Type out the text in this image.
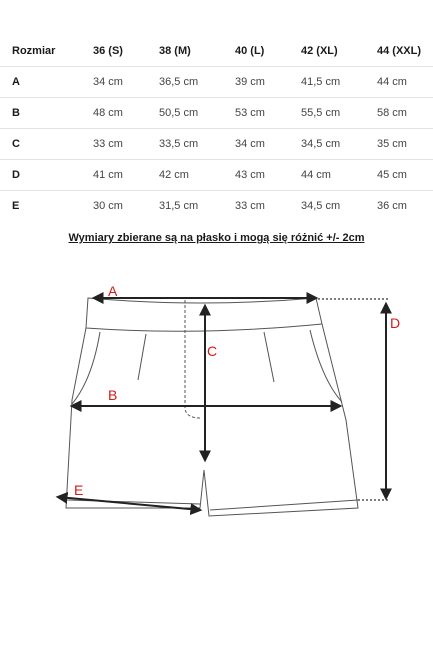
Rozmiar	36 (S)	38 (M)	40 (L)	42 (XL)	44 (XXL)
A	34 cm	36,5 cm	39 cm	41,5 cm	44 cm
B	48 cm	50,5 cm	53 cm	55,5 cm	58 cm
C	33 cm	33,5 cm	34 cm	34,5 cm	35 cm
D	41 cm	42 cm	43 cm	44 cm	45 cm
E	30 cm	31,5 cm	33 cm	34,5 cm	36 cm
Wymiary zbierane są na płasko i mogą się różnić +/- 2cm
A
B
C
D
E
